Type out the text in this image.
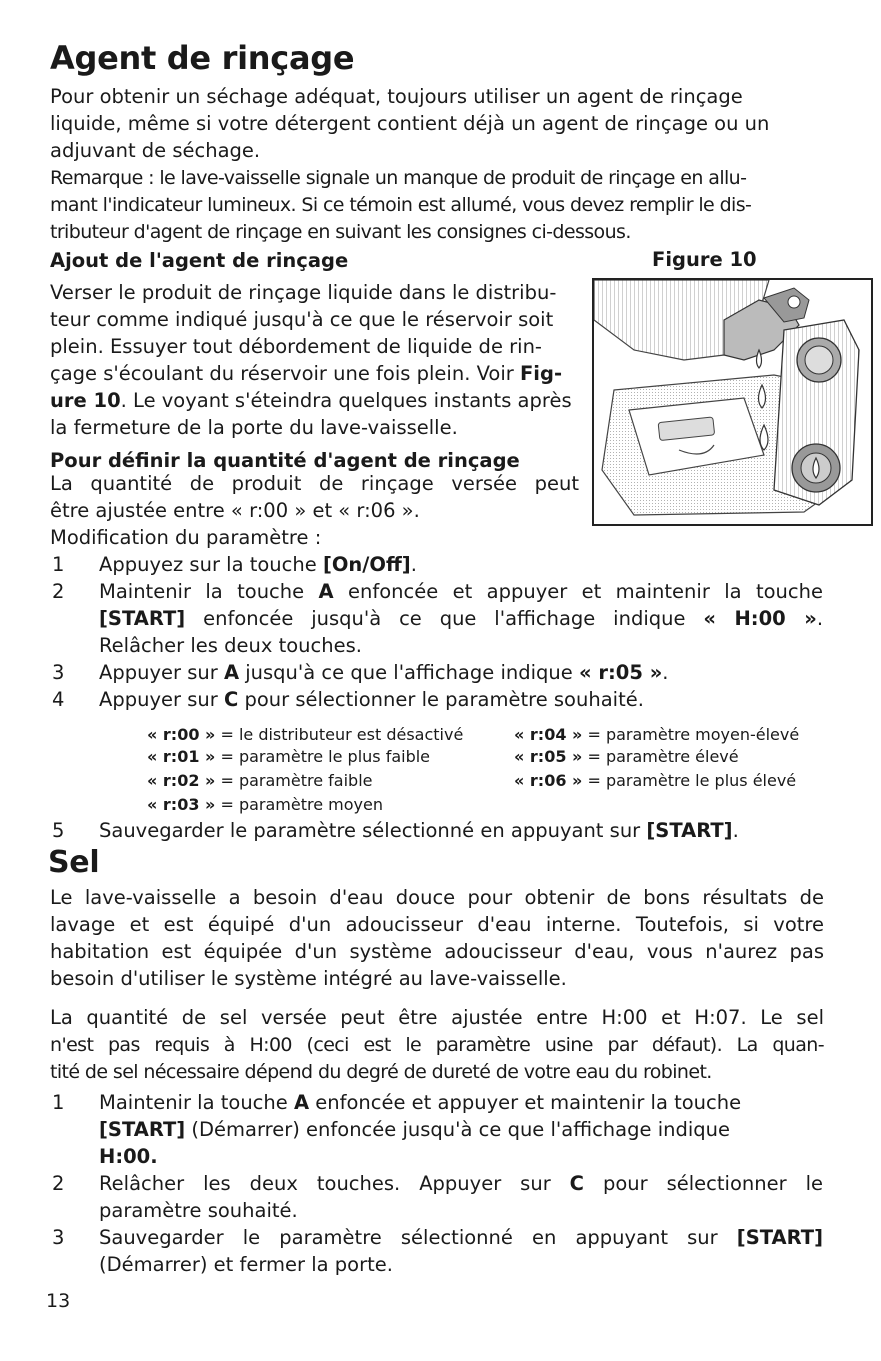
Agent de rinçage

Pour obtenir un séchage adéquat, toujours utiliser un agent de rinçage

liquide, même si votre détergent contient déjà un agent de rinçage ou un

adjuvant de séchage.

Remarque : le lave-vaisselle signale un manque de produit de rinçage en allu-

mant l'indicateur lumineux. Si ce témoin est allumé, vous devez remplir le dis-

tributeur d'agent de rinçage en suivant les consignes ci-dessous.

Ajout de l'agent de rinçage	Figure 10

Verser le produit de rinçage liquide dans le distribu-

teur comme indiqué jusqu'à ce que le réservoir soit

plein. Essuyer tout débordement de liquide de rin-

çage s'écoulant du réservoir une fois plein. Voir Fig-

ure 10. Le voyant s'éteindra quelques instants après

la fermeture de la porte du lave-vaisselle.

Pour définir la quantité d'agent de rinçage

La quantité de produit de rinçage versée peut

être ajustée entre « r:00 » et « r:06 ».

Modification du paramètre :

1 Appuyez sur la touche [On/Off].

2 Maintenir la touche A enfoncée et appuyer et maintenir la touche

[START] enfoncée jusqu'à ce que l'affichage indique « H:00 ».

Relâcher les deux touches.

3 Appuyer sur A jusqu'à ce que l'affichage indique « r:05 ».

4 Appuyer sur C pour sélectionner le paramètre souhaité.

« r:00 » = le distributeur est désactivé
« r:01 » = paramètre le plus faible
« r:02 » = paramètre faible
« r:03 » = paramètre moyen
« r:04 » = paramètre moyen-élevé
« r:05 » = paramètre élevé
« r:06 » = paramètre le plus élevé
5 Sauvegarder le paramètre sélectionné en appuyant sur [START].

Sel

Le lave-vaisselle a besoin d'eau douce pour obtenir de bons résultats de

lavage et est équipé d'un adoucisseur d'eau interne. Toutefois, si votre

habitation est équipée d'un système adoucisseur d'eau, vous n'aurez pas

besoin d'utiliser le système intégré au lave-vaisselle.

La quantité de sel versée peut être ajustée entre H:00 et H:07. Le sel

n'est pas requis à H:00 (ceci est le paramètre usine par défaut). La quan-

tité de sel nécessaire dépend du degré de dureté de votre eau du robinet.

1 Maintenir la touche A enfoncée et appuyer et maintenir la touche

[START] (Démarrer) enfoncée jusqu'à ce que l'affichage indique

H:00.

2 Relâcher les deux touches. Appuyer sur C pour sélectionner le

paramètre souhaité.

3 Sauvegarder le paramètre sélectionné en appuyant sur [START]

(Démarrer) et fermer la porte.

13
